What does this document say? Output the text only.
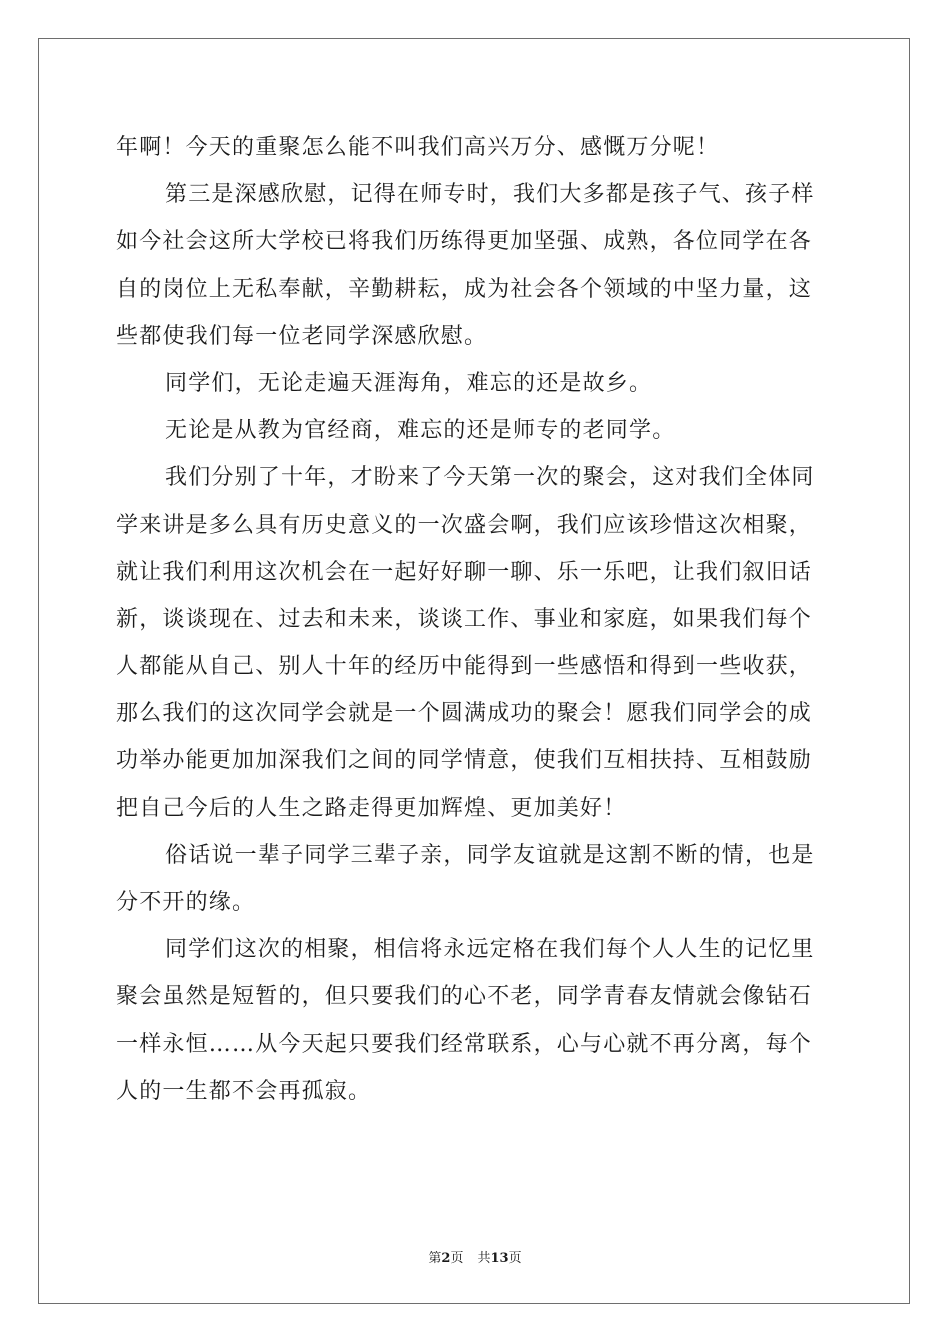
年啊！今天的重聚怎么能不叫我们高兴万分、感慨万分呢！
第三是深感欣慰，记得在师专时，我们大多都是孩子气、孩子样
如今社会这所大学校已将我们历练得更加坚强、成熟，各位同学在各
自的岗位上无私奉献，辛勤耕耘，成为社会各个领域的中坚力量，这
些都使我们每一位老同学深感欣慰。
同学们，无论走遍天涯海角，难忘的还是故乡。
无论是从教为官经商，难忘的还是师专的老同学。
我们分别了十年，才盼来了今天第一次的聚会，这对我们全体同
学来讲是多么具有历史意义的一次盛会啊，我们应该珍惜这次相聚，
就让我们利用这次机会在一起好好聊一聊、乐一乐吧，让我们叙旧话
新，谈谈现在、过去和未来，谈谈工作、事业和家庭，如果我们每个
人都能从自己、别人十年的经历中能得到一些感悟和得到一些收获，
那么我们的这次同学会就是一个圆满成功的聚会！愿我们同学会的成
功举办能更加加深我们之间的同学情意，使我们互相扶持、互相鼓励
把自己今后的人生之路走得更加辉煌、更加美好！
俗话说一辈子同学三辈子亲，同学友谊就是这割不断的情，也是
分不开的缘。
同学们这次的相聚，相信将永远定格在我们每个人人生的记忆里
聚会虽然是短暂的，但只要我们的心不老，同学青春友情就会像钻石
一样永恒……从今天起只要我们经常联系，心与心就不再分离，每个
人的一生都不会再孤寂。
第2页 共13页
